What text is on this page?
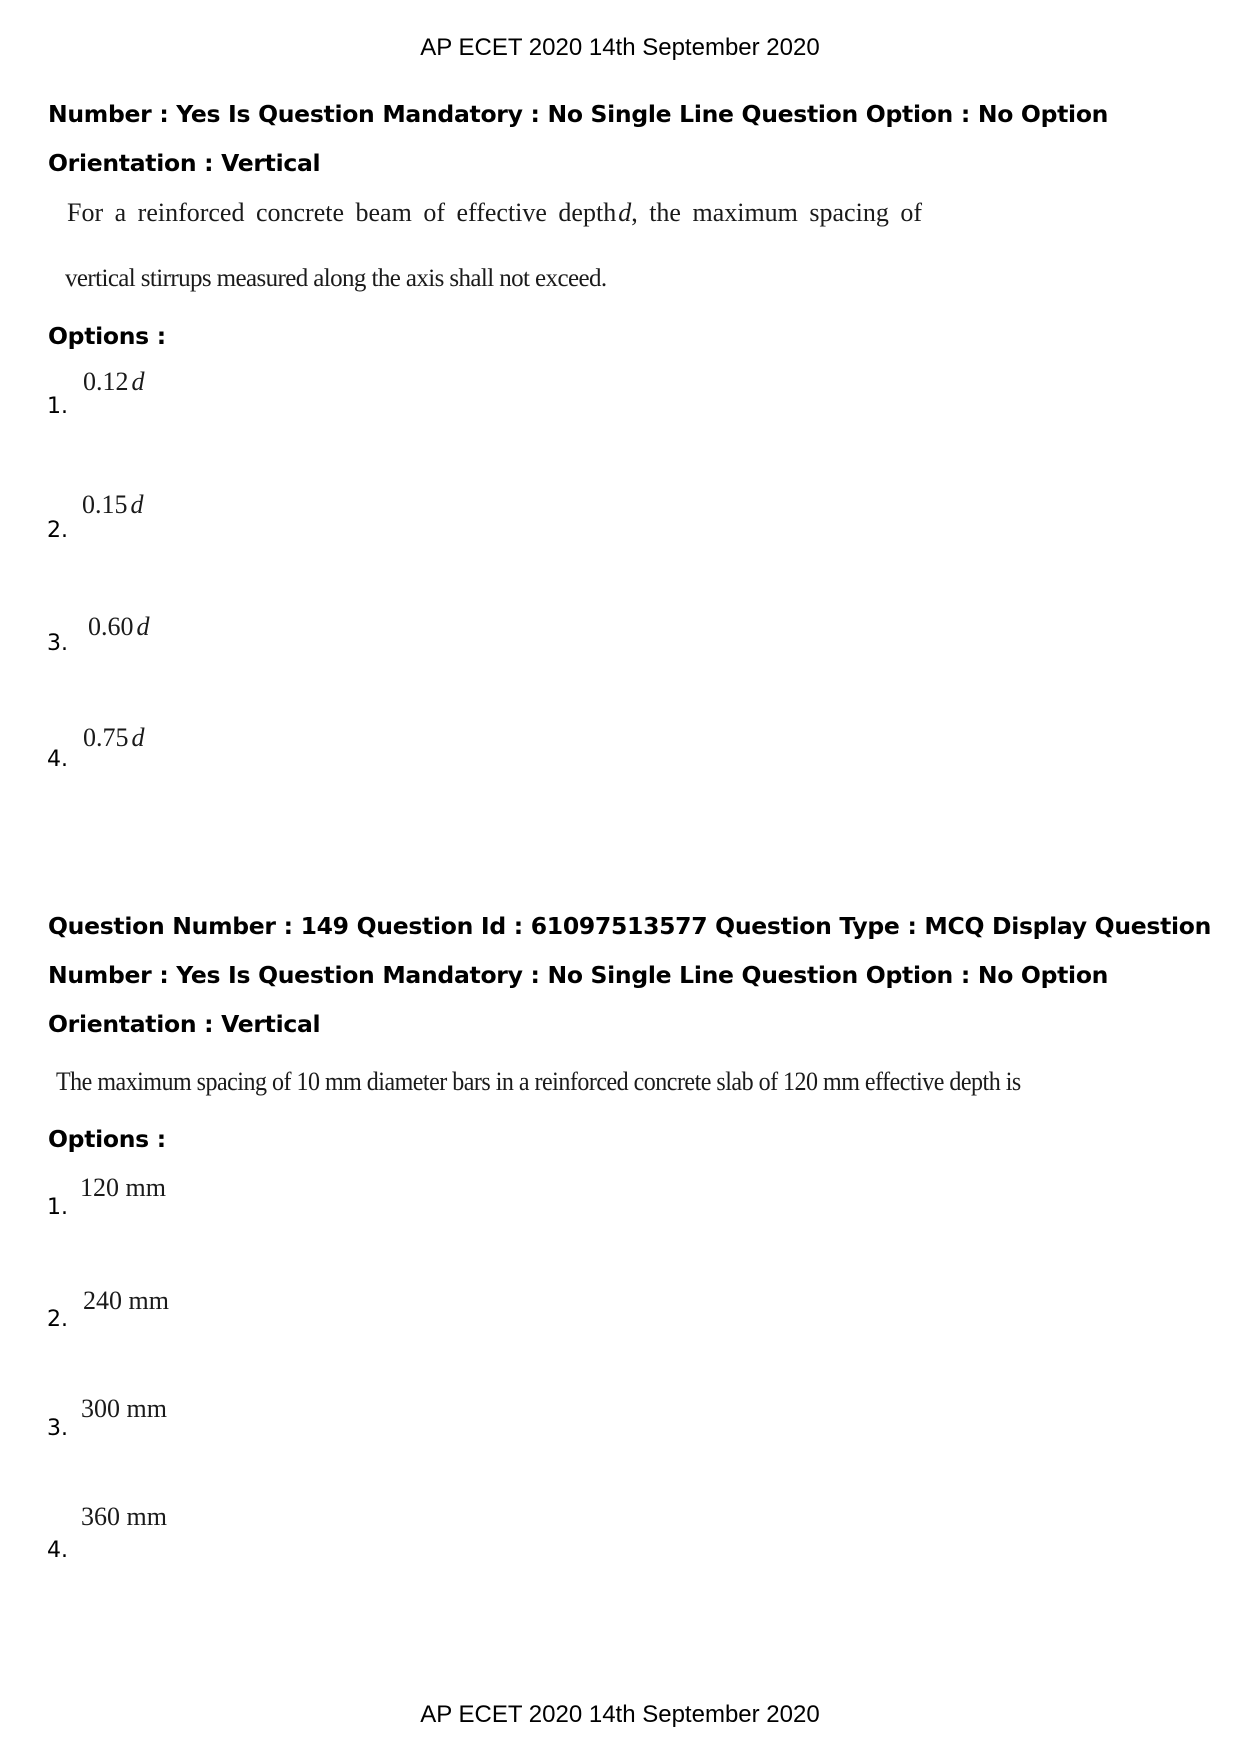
AP ECET 2020 14th September 2020
Number : Yes Is Question Mandatory : No Single Line Question Option : No Option
Orientation : Vertical
For a reinforced concrete beam of effective depthd, the maximum spacing of
vertical stirrups measured along the axis shall not exceed.
Options :
1.
0.12 d
2.
0.15 d
3.
0.60 d
4.
0.75 d
Question Number : 149 Question Id : 61097513577 Question Type : MCQ Display Question
Number : Yes Is Question Mandatory : No Single Line Question Option : No Option
Orientation : Vertical
The maximum spacing of 10 mm diameter bars in a reinforced concrete slab of 120 mm effective depth is
Options :
1.
120 mm
2.
240 mm
3.
300 mm
4.
360 mm
AP ECET 2020 14th September 2020
